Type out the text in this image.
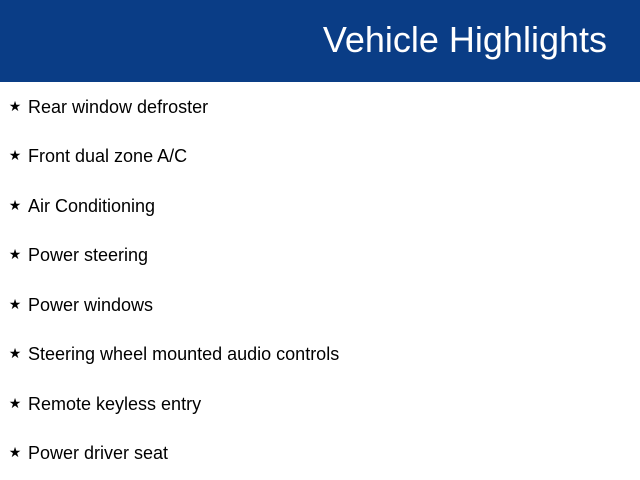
Vehicle Highlights
★ Rear window defroster
★ Front dual zone A/C
★ Air Conditioning
★ Power steering
★ Power windows
★ Steering wheel mounted audio controls
★ Remote keyless entry
★ Power driver seat
